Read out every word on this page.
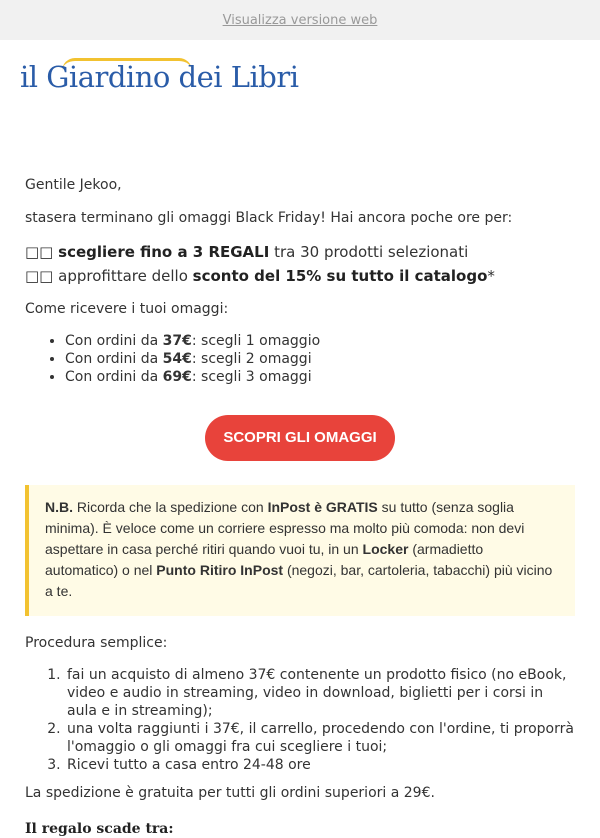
Visualizza versione web
il Giardino dei Libri

Gentile Jekoo,

stasera terminano gli omaggi Black Friday! Hai ancora poche ore per:

□□ scegliere fino a 3 REGALI tra 30 prodotti selezionati

□□ approfittare dello sconto del 15% su tutto il catalogo*

Come ricevere i tuoi omaggi:

• Con ordini da 37€: scegli 1 omaggio
• Con ordini da 54€: scegli 2 omaggi
• Con ordini da 69€: scegli 3 omaggi
SCOPRI GLI OMAGGI
N.B. Ricorda che la spedizione con InPost è GRATIS su tutto (senza soglia minima). È veloce come un corriere espresso ma molto più comoda: non devi aspettare in casa perché ritiri quando vuoi tu, in un Locker (armadietto automatico) o nel Punto Ritiro InPost (negozi, bar, cartoleria, tabacchi) più vicino a te.

Procedura semplice:

1. fai un acquisto di almeno 37€ contenente un prodotto fisico (no eBook, video e audio in streaming, video in download, biglietti per i corsi in aula e in streaming);
2. una volta raggiunti i 37€, il carrello, procedendo con l'ordine, ti proporrà l'omaggio o gli omaggi fra cui scegliere i tuoi;
3. Ricevi tutto a casa entro 24-48 ore

La spedizione è gratuita per tutti gli ordini superiori a 29€.

Il regalo scade tra:
